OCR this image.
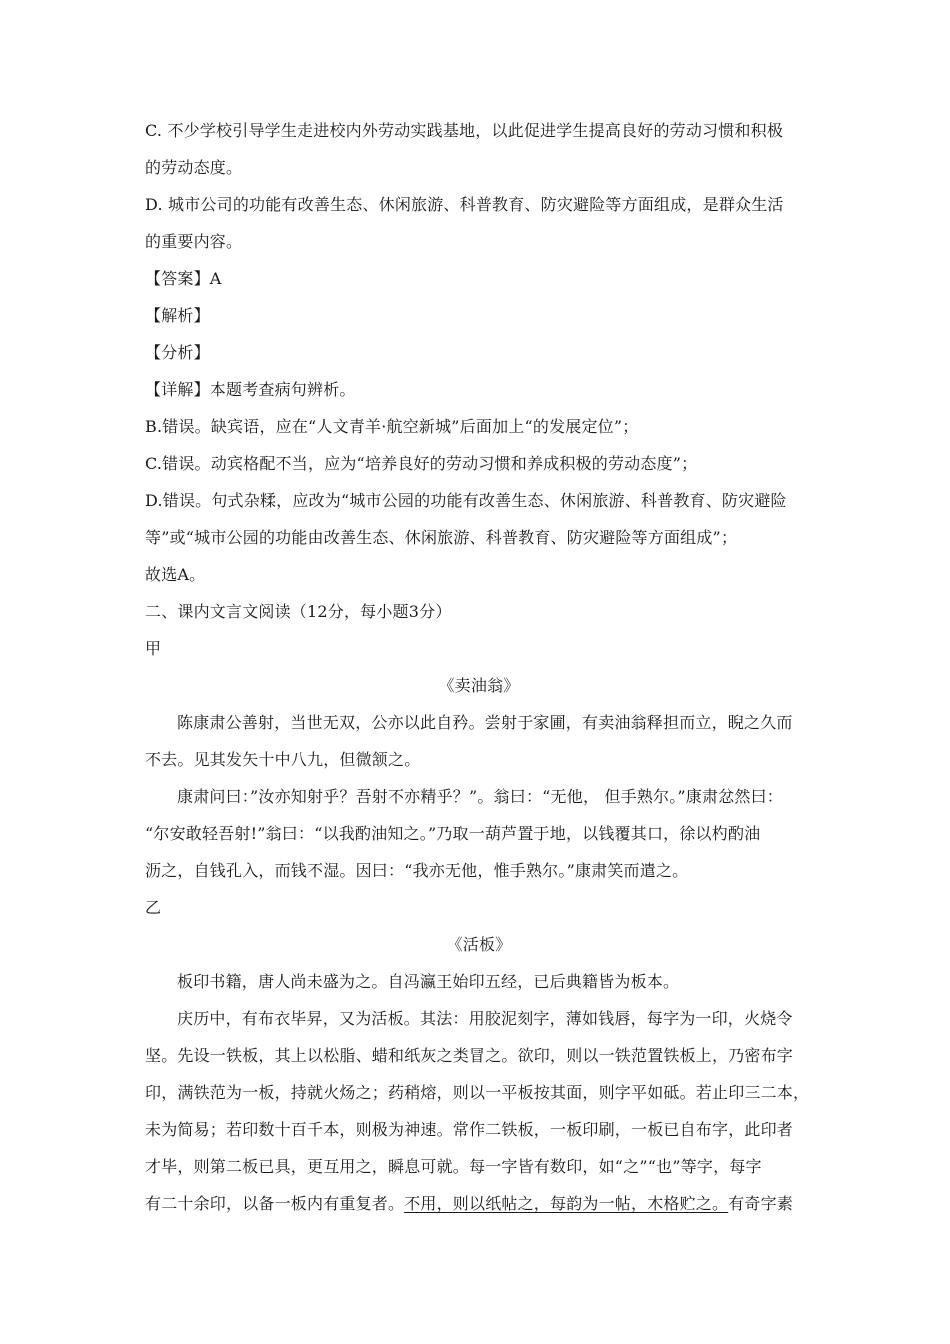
C. 不少学校引导学生走进校内外劳动实践基地，以此促进学生提高良好的劳动习惯和积极
的劳动态度。
D. 城市公司的功能有改善生态、休闲旅游、科普教育、防灾避险等方面组成，是群众生活
的重要内容。
【答案】A
【解析】
【分析】
【详解】本题考查病句辨析。
B.错误。缺宾语，应在“人文青羊·航空新城”后面加上“的发展定位”；
C.错误。动宾格配不当，应为“培养良好的劳动习惯和养成积极的劳动态度”；
D.错误。句式杂糅，应改为“城市公园的功能有改善生态、休闲旅游、科普教育、防灾避险
等”或“城市公园的功能由改善生态、休闲旅游、科普教育、防灾避险等方面组成”；
故选A。
二、课内文言文阅读（12分，每小题3分）
甲
《卖油翁》
陈康肃公善射，当世无双，公亦以此自矜。尝射于家圃，有卖油翁释担而立，睨之久而
不去。见其发矢十中八九，但微颔之。
康肃问曰：”汝亦知射乎？吾射不亦精乎？”。翁曰：“无他， 但手熟尔。”康肃忿然曰：
“尔安敢轻吾射!”翁曰：“以我酌油知之。”乃取一葫芦置于地，以钱覆其口，徐以杓酌油
沥之，自钱孔入，而钱不湿。因曰：“我亦无他，惟手熟尔。”康肃笑而遣之。
乙
《活板》
板印书籍，唐人尚未盛为之。自冯瀛王始印五经，已后典籍皆为板本。
庆历中，有布衣毕昇，又为活板。其法：用胶泥刻字，薄如钱唇，每字为一印，火烧令
坚。先设一铁板，其上以松脂、蜡和纸灰之类冒之。欲印，则以一铁范置铁板上，乃密布字
印，满铁范为一板，持就火炀之；药稍熔，则以一平板按其面，则字平如砥。若止印三二本，
未为简易；若印数十百千本，则极为神速。常作二铁板，一板印刷，一板已自布字，此印者
才毕，则第二板已具，更互用之，瞬息可就。每一字皆有数印，如“之”“也”等字，每字
有二十余印，以备一板内有重复者。不用，则以纸帖之，每韵为一帖，木格贮之。有奇字素
